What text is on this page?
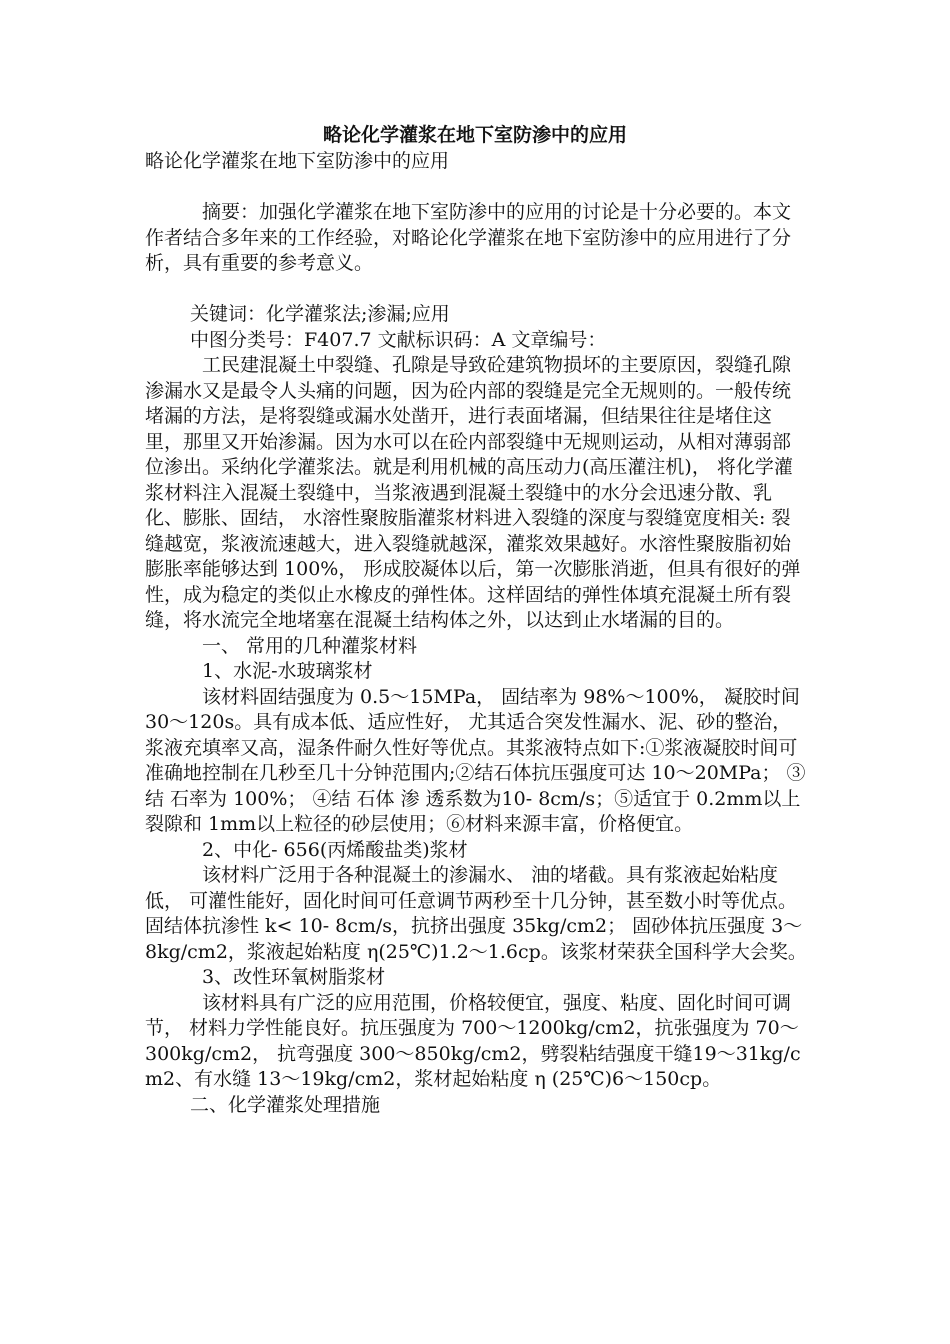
略论化学灌浆在地下室防渗中的应用

略论化学灌浆在地下室防渗中的应用

摘要：加强化学灌浆在地下室防渗中的应用的讨论是十分必要的。本文作者结合多年来的工作经验，对略论化学灌浆在地下室防渗中的应用进行了分析，具有重要的参考意义。

关键词：化学灌浆法;渗漏;应用

中图分类号：F407.7 文献标识码：A 文章编号：

工民建混凝土中裂缝、孔隙是导致砼建筑物损坏的主要原因，裂缝孔隙渗漏水又是最令人头痛的问题，因为砼内部的裂缝是完全无规则的。一般传统堵漏的方法，是将裂缝或漏水处凿开，进行表面堵漏，但结果往往是堵住这里，那里又开始渗漏。因为水可以在砼内部裂缝中无规则运动，从相对薄弱部位渗出。采纳化学灌浆法。就是利用机械的高压动力(高压灌注机)， 将化学灌浆材料注入混凝土裂缝中，当浆液遇到混凝土裂缝中的水分会迅速分散、乳化、膨胀、固结， 水溶性聚胺脂灌浆材料进入裂缝的深度与裂缝宽度相关: 裂缝越宽，浆液流速越大，进入裂缝就越深，灌浆效果越好。水溶性聚胺脂初始膨胀率能够达到 100%， 形成胶凝体以后，第一次膨胀消逝，但具有很好的弹性，成为稳定的类似止水橡皮的弹性体。这样固结的弹性体填充混凝土所有裂缝，将水流完全地堵塞在混凝土结构体之外，以达到止水堵漏的目的。

一、 常用的几种灌浆材料

1、水泥-水玻璃浆材

该材料固结强度为 0.5～15MPa， 固结率为 98%～100%， 凝胶时间30～120s。具有成本低、适应性好， 尤其适合突发性漏水、泥、砂的整治，浆液充填率又高，湿条件耐久性好等优点。其浆液特点如下:①浆液凝胶时间可准确地控制在几秒至几十分钟范围内;②结石体抗压强度可达 10～20MPa； ③结 石率为 100%； ④结 石体 渗 透系数为10- 8cm/s；⑤适宜于 0.2mm以上裂隙和 1mm以上粒径的砂层使用；⑥材料来源丰富，价格便宜。

2、中化- 656(丙烯酸盐类)浆材

该材料广泛用于各种混凝土的渗漏水、 油的堵截。具有浆液起始粘度低， 可灌性能好，固化时间可任意调节两秒至十几分钟，甚至数小时等优点。固结体抗渗性 k< 10- 8cm/s，抗挤出强度 35kg/cm2； 固砂体抗压强度 3～8kg/cm2，浆液起始粘度 η(25℃)1.2～1.6cp。该浆材荣获全国科学大会奖。

3、改性环氧树脂浆材

该材料具有广泛的应用范围，价格较便宜，强度、粘度、固化时间可调节， 材料力学性能良好。抗压强度为 700～1200kg/cm2，抗张强度为 70～300kg/cm2， 抗弯强度 300～850kg/cm2，劈裂粘结强度干缝19～31kg/cm2、有水缝 13～19kg/cm2，浆材起始粘度 η (25℃)6～150cp。

二、化学灌浆处理措施
